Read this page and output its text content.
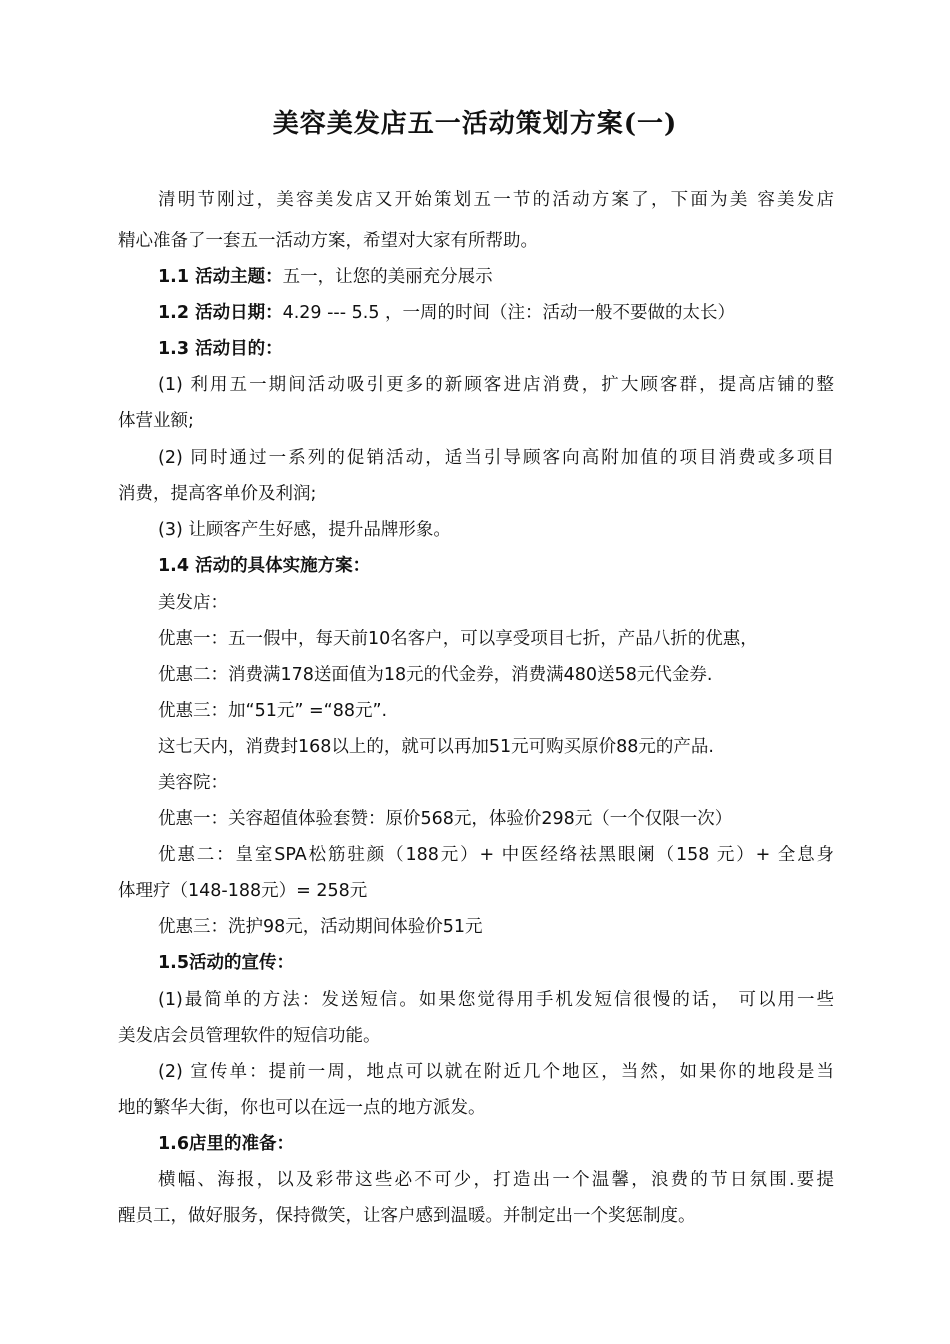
美容美发店五一活动策划方案(一)

清明节刚过，美容美发店又开始策划五一节的活动方案了，下面为美 容美发店

精心准备了一套五一活动方案，希望对大家有所帮助。

1.1 活动主题：五一，让您的美丽充分展示

1.2 活动日期：4.29 --- 5.5 ，一周的时间（注：活动一般不要做的太长）

1.3 活动目的：

(1) 利用五一期间活动吸引更多的新顾客进店消费，扩大顾客群，提高店铺的整

体营业额;

(2) 同时通过一系列的促销活动，适当引导顾客向高附加值的项目消费或多项目

消费，提高客单价及利润;

(3) 让顾客产生好感，提升品牌形象。

1.4 活动的具体实施方案：

美发店：

优惠一：五一假中，每天前10名客户，可以享受项目七折，产品八折的优惠，

优惠二：消费满178送面值为18元的代金券，消费满480送58元代金券.

优惠三：加“51元” =“88元”.

这七天内，消费封168以上的，就可以再加51元可购买原价88元的产品.

美容院：

优惠一：关容超值体验套赞：原价568元，体验价298元（一个仅限一次）

优惠二：皇室SPA松筋驻颜（188元）+ 中医经络祛黑眼阑（158 元）+ 全息身

体理疗（148-188元）= 258元

优惠三：洗护98元，活动期间体验价51元

1.5活动的宣传：

(1)最简单的方法：发送短信。如果您觉得用手机发短信很慢的话， 可以用一些

美发店会员管理软件的短信功能。

(2) 宣传单：提前一周，地点可以就在附近几个地区，当然，如果你的地段是当

地的繁华大街，你也可以在远一点的地方派发。

1.6店里的准备：

横幅、海报，以及彩带这些必不可少，打造出一个温馨，浪费的节日氛围.要提

醒员工，做好服务，保持微笑，让客户感到温暖。并制定出一个奖惩制度。
